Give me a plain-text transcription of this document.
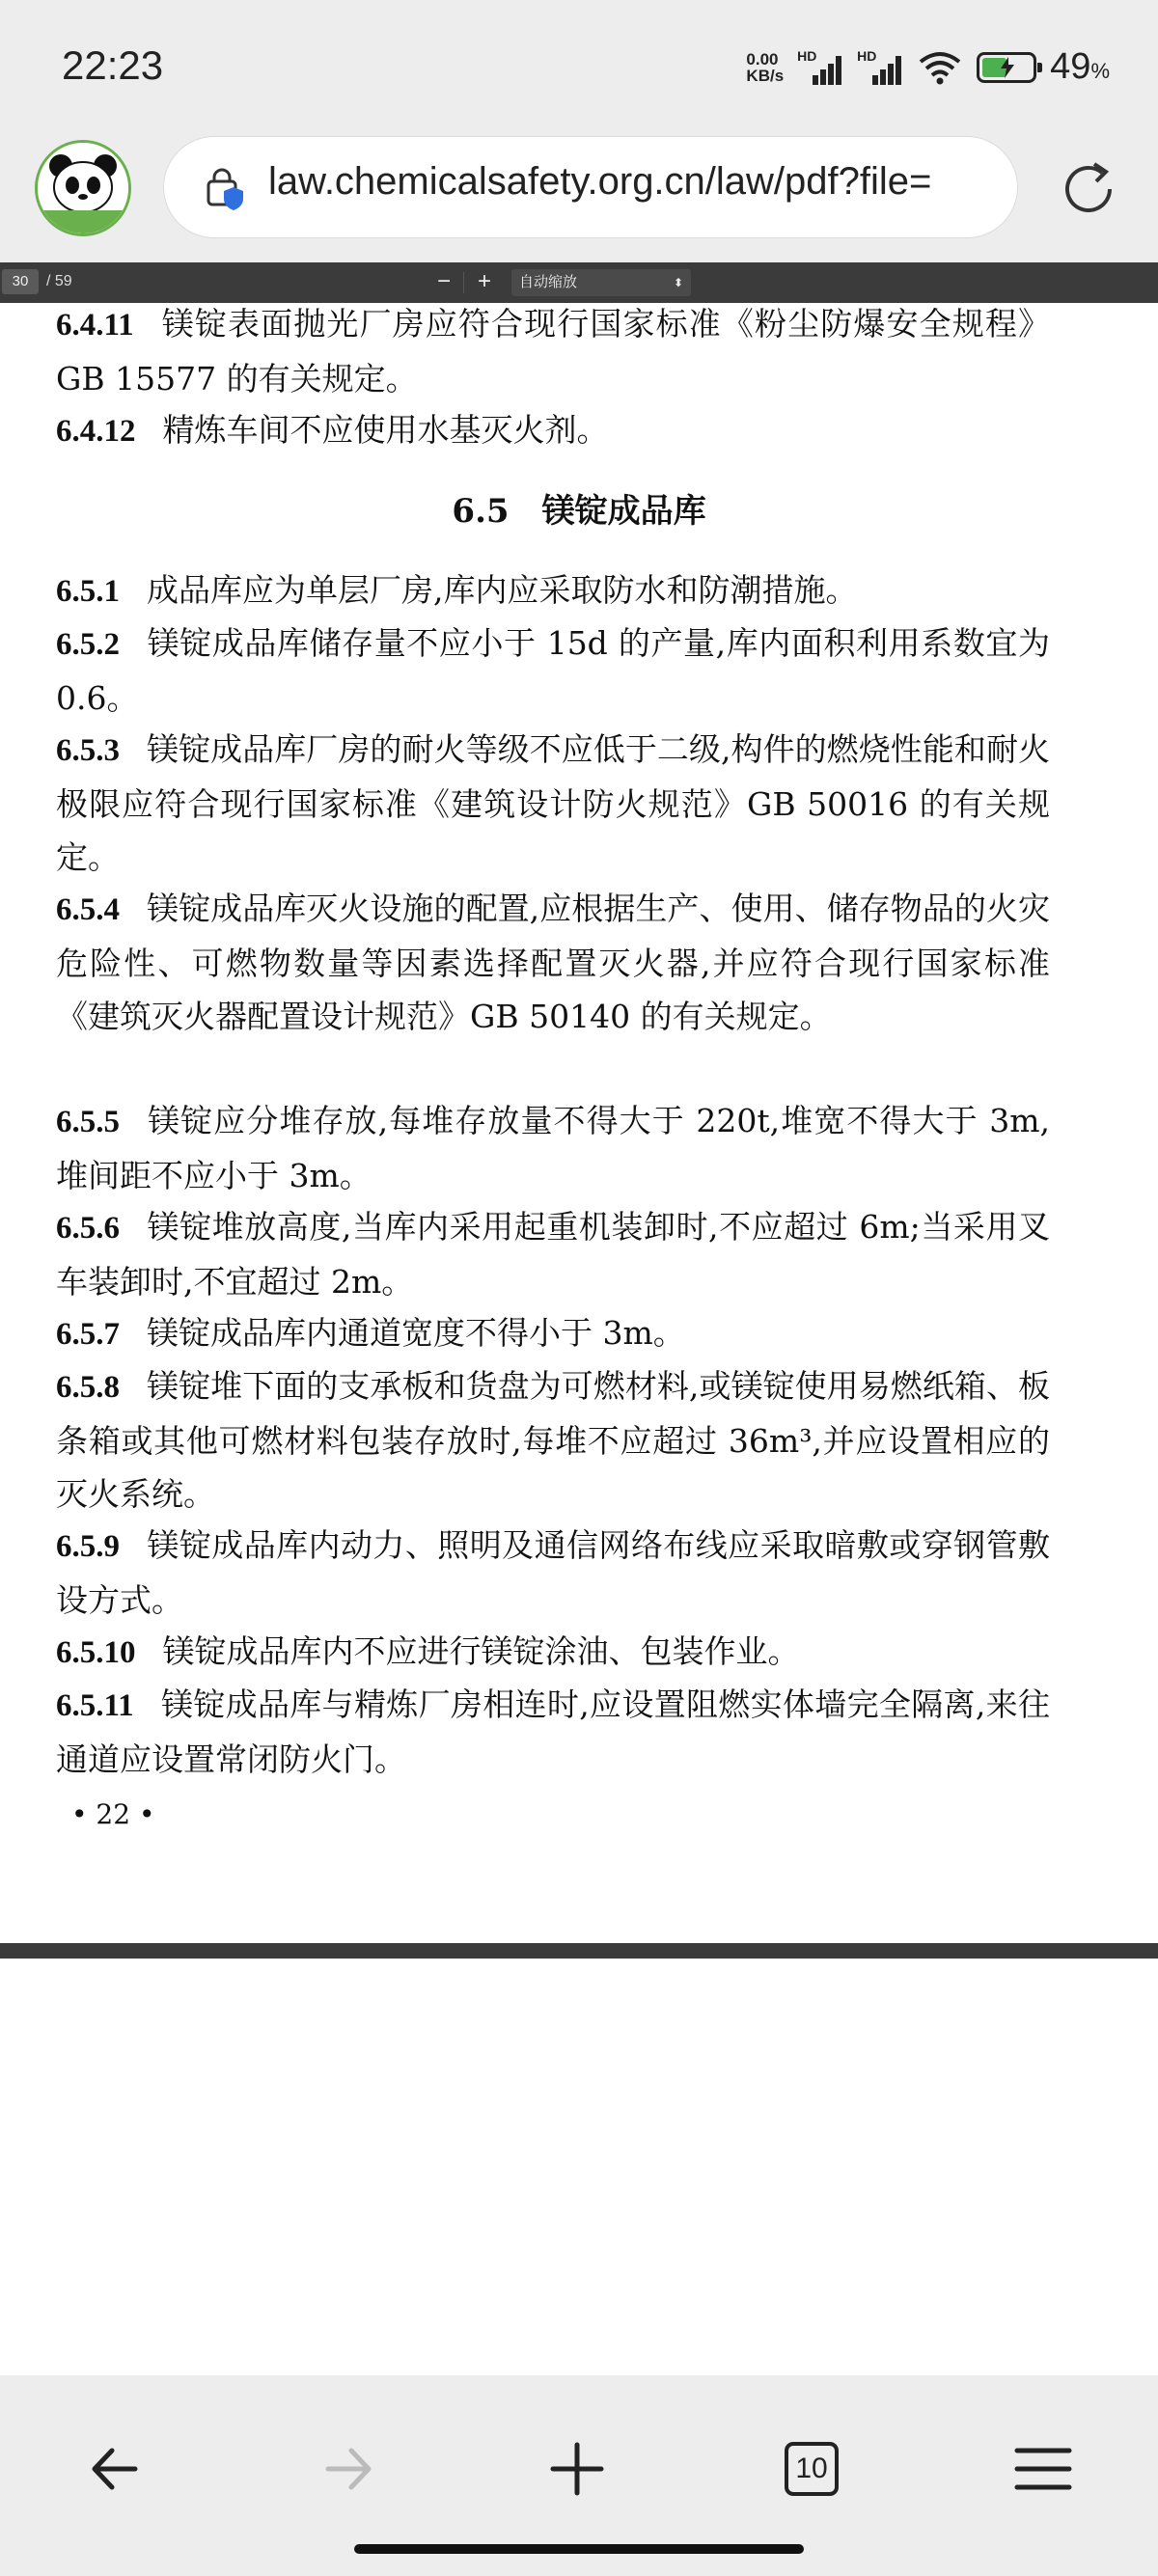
22:23	0.00
KB/s
HD	HD	49%
law.chemicalsafety.org.cn/law/pdf?file=
30	/ 59	− +	自动缩放	⬍
6.4.11 镁锭表面抛光厂房应符合现行国家标准《粉尘防爆安全规程》GB 15577 的有关规定。
6.4.12 精炼车间不应使用水基灭火剂。
6.5　镁锭成品库
6.5.1 成品库应为单层厂房,库内应采取防水和防潮措施。
6.5.2 镁锭成品库储存量不应小于 15d 的产量,库内面积利用系数宜为 0.6。
6.5.3 镁锭成品库厂房的耐火等级不应低于二级,构件的燃烧性能和耐火极限应符合现行国家标准《建筑设计防火规范》GB 50016 的有关规定。
6.5.4 镁锭成品库灭火设施的配置,应根据生产、使用、储存物品的火灾危险性、可燃物数量等因素选择配置灭火器,并应符合现行国家标准《建筑灭火器配置设计规范》GB 50140 的有关规定。
6.5.5 镁锭应分堆存放,每堆存放量不得大于 220t,堆宽不得大于 3m,堆间距不应小于 3m。
6.5.6 镁锭堆放高度,当库内采用起重机装卸时,不应超过 6m;当采用叉车装卸时,不宜超过 2m。
6.5.7 镁锭成品库内通道宽度不得小于 3m。
6.5.8 镁锭堆下面的支承板和货盘为可燃材料,或镁锭使用易燃纸箱、板条箱或其他可燃材料包装存放时,每堆不应超过 36m³,并应设置相应的灭火系统。
6.5.9 镁锭成品库内动力、照明及通信网络布线应采取暗敷或穿钢管敷设方式。
6.5.10 镁锭成品库内不应进行镁锭涂油、包装作业。
6.5.11 镁锭成品库与精炼厂房相连时,应设置阻燃实体墙完全隔离,来往通道应设置常闭防火门。
• 22 •
10
